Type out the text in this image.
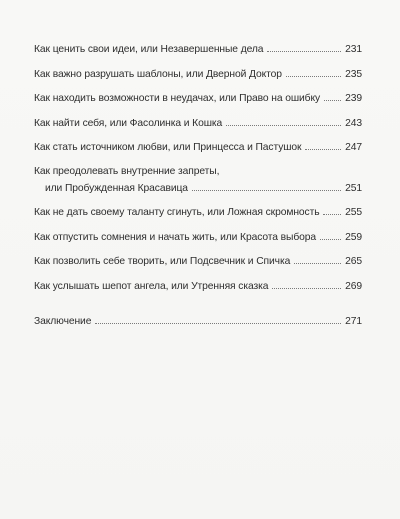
Как ценить свои идеи, или Незавершенные дела	231
Как важно разрушать шаблоны, или Дверной Доктор	235
Как находить возможности в неудачах, или Право на ошибку 239
Как найти себя, или Фасолинка и Кошка	243
Как стать источником любви, или Принцесса и Пастушок	247
Как преодолевать внутренние запреты,
или Пробужденная Красавица	251
Как не дать своему таланту сгинуть, или Ложная скромность 255
Как отпустить сомнения и начать жить, или Красота выбора	259
Как позволить себе творить, или Подсвечник и Спичка	265
Как услышать шепот ангела, или Утренняя сказка	269
Заключение	271
